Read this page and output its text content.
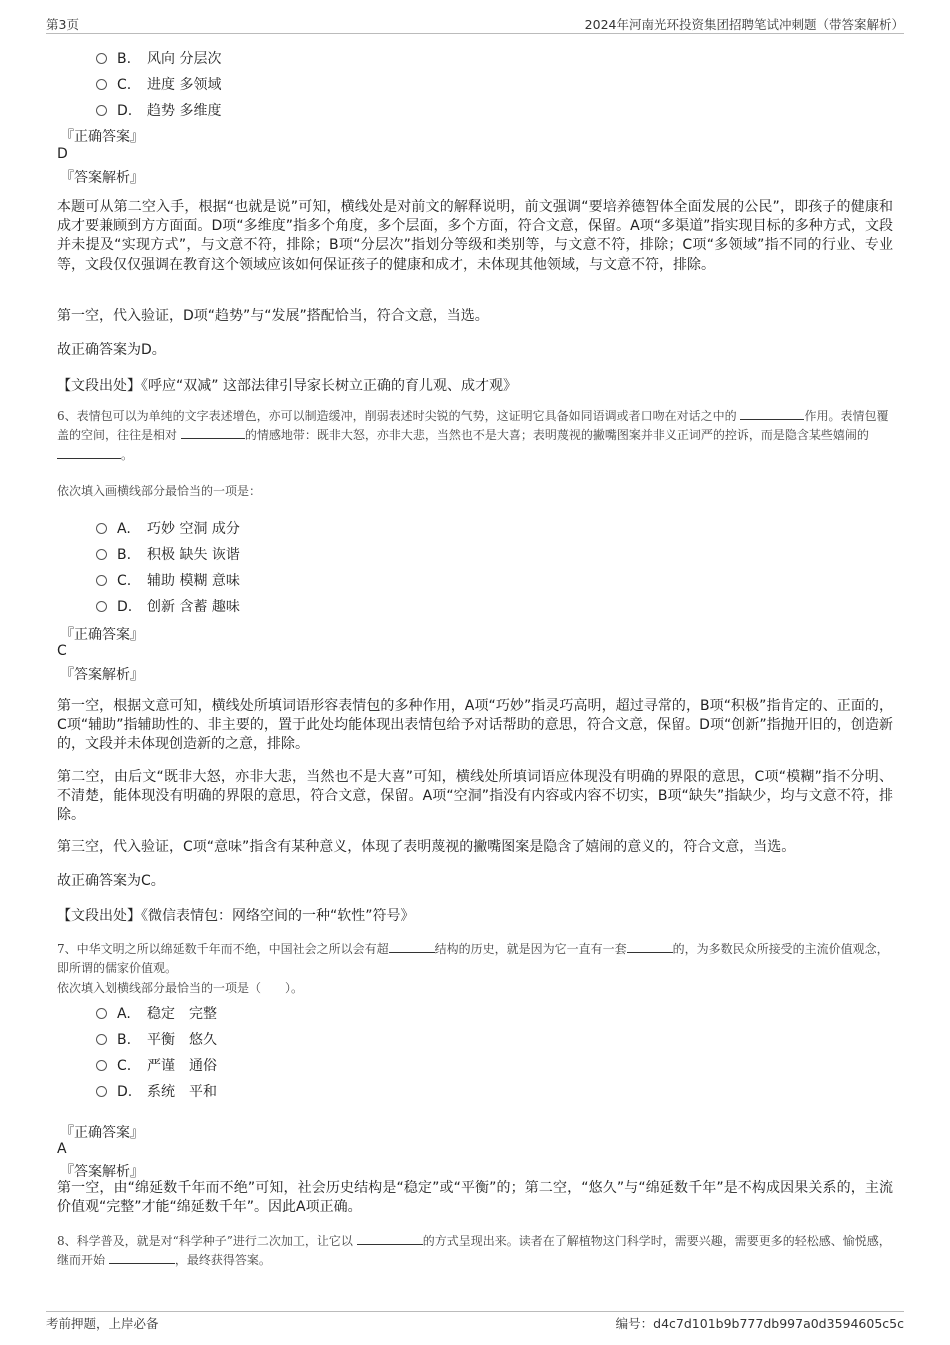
第3页	2024年河南光环投资集团招聘笔试冲刺题（带答案解析）
B. 风向 分层次
C. 进度 多领域
D. 趋势 多维度
『正确答案』
D
『答案解析』
本题可从第二空入手，根据“也就是说”可知，横线处是对前文的解释说明，前文强调“要培养德智体全面发展的公民”，即孩子的健康和成才要兼顾到方方面面。D项“多维度”指多个角度，多个层面，多个方面，符合文意，保留。A项“多渠道”指实现目标的多种方式，文段并未提及“实现方式”，与文意不符，排除；B项“分层次”指划分等级和类别等，与文意不符，排除；C项“多领域”指不同的行业、专业等，文段仅仅强调在教育这个领域应该如何保证孩子的健康和成才，未体现其他领域，与文意不符，排除。
第一空，代入验证，D项“趋势”与“发展”搭配恰当，符合文意，当选。
故正确答案为D。
【文段出处】《呼应“双减” 这部法律引导家长树立正确的育儿观、成才观》
6、表情包可以为单纯的文字表述增色，亦可以制造缓冲，削弱表述时尖锐的气势，这证明它具备如同语调或者口吻在对话之中的	作用。表情包覆盖的空间，往往是相对	的情感地带：既非大怒，亦非大悲，当然也不是大喜；表明蔑视的撇嘴图案并非义正词严的控诉，而是隐含某些嬉闹的 。
依次填入画横线部分最恰当的一项是：
A. 巧妙 空洞 成分
B. 积极 缺失 诙谐
C. 辅助 模糊 意味
D. 创新 含蓄 趣味
『正确答案』
C
『答案解析』
第一空，根据文意可知，横线处所填词语形容表情包的多种作用，A项“巧妙”指灵巧高明，超过寻常的，B项“积极”指肯定的、正面的，C项“辅助”指辅助性的、非主要的，置于此处均能体现出表情包给予对话帮助的意思，符合文意，保留。D项“创新”指抛开旧的，创造新的，文段并未体现创造新的之意，排除。
第二空，由后文“既非大怒，亦非大悲，当然也不是大喜”可知，横线处所填词语应体现没有明确的界限的意思，C项“模糊”指不分明、不清楚，能体现没有明确的界限的意思，符合文意，保留。A项“空洞”指没有内容或内容不切实，B项“缺失”指缺少，均与文意不符，排除。
第三空，代入验证，C项“意味”指含有某种意义，体现了表明蔑视的撇嘴图案是隐含了嬉闹的意义的，符合文意，当选。
故正确答案为C。
【文段出处】《微信表情包：网络空间的一种“软性”符号》
7、中华文明之所以绵延数千年而不绝，中国社会之所以会有超	结构的历史，就是因为它一直有一套	的，为多数民众所接受的主流价值观念，即所谓的儒家价值观。
依次填入划横线部分最恰当的一项是（　　）。
A. 稳定　完整
B. 平衡　悠久
C. 严谨　通俗
D. 系统　平和
『正确答案』
A
『答案解析』
第一空，由“绵延数千年而不绝”可知，社会历史结构是“稳定”或“平衡”的；第二空，“悠久”与“绵延数千年”是不构成因果关系的，主流价值观“完整”才能“绵延数千年”。因此A项正确。
8、科学普及，就是对“科学种子”进行二次加工，让它以	的方式呈现出来。读者在了解植物这门科学时，需要兴趣，需要更多的轻松感、愉悦感，继而开始	，最终获得答案。
考前押题，上岸必备	编号：d4c7d101b9b777db997a0d3594605c5c
